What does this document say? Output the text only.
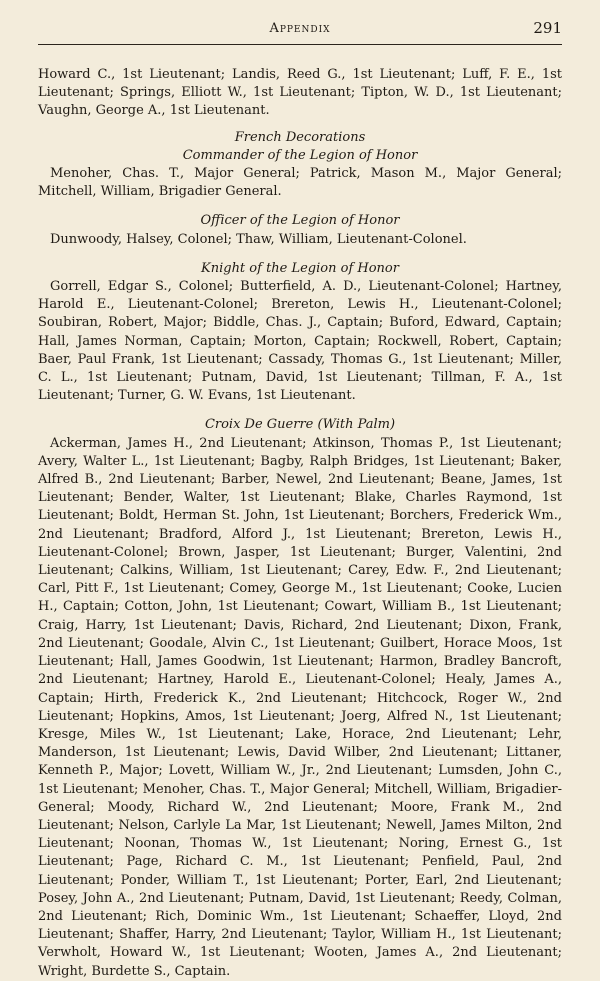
Appendix	291

Howard C., 1st Lieutenant; Landis, Reed G., 1st Lieutenant; Luff, F. E., 1st Lieutenant; Springs, Elliott W., 1st Lieutenant; Tipton, W. D., 1st Lieutenant; Vaughn, George A., 1st Lieutenant.

French Decorations

Commander of the Legion of Honor

Menoher, Chas. T., Major General; Patrick, Mason M., Major General; Mitchell, William, Brigadier General.

Officer of the Legion of Honor

Dunwoody, Halsey, Colonel; Thaw, William, Lieutenant-Colonel.

Knight of the Legion of Honor

Gorrell, Edgar S., Colonel; Butterfield, A. D., Lieutenant-Colonel; Hartney, Harold E., Lieutenant-Colonel; Brereton, Lewis H., Lieutenant-Colonel; Soubiran, Robert, Major; Biddle, Chas. J., Captain; Buford, Edward, Captain; Hall, James Norman, Captain; Morton, Captain; Rockwell, Robert, Captain; Baer, Paul Frank, 1st Lieutenant; Cassady, Thomas G., 1st Lieutenant; Miller, C. L., 1st Lieutenant; Putnam, David, 1st Lieutenant; Tillman, F. A., 1st Lieutenant; Turner, G. W. Evans, 1st Lieutenant.

Croix De Guerre (With Palm)

Ackerman, James H., 2nd Lieutenant; Atkinson, Thomas P., 1st Lieutenant; Avery, Walter L., 1st Lieutenant; Bagby, Ralph Bridges, 1st Lieutenant; Baker, Alfred B., 2nd Lieutenant; Barber, Newel, 2nd Lieutenant; Beane, James, 1st Lieutenant; Bender, Walter, 1st Lieutenant; Blake, Charles Raymond, 1st Lieutenant; Boldt, Herman St. John, 1st Lieutenant; Borchers, Frederick Wm., 2nd Lieutenant; Bradford, Alford J., 1st Lieutenant; Brereton, Lewis H., Lieutenant-Colonel; Brown, Jasper, 1st Lieutenant; Burger, Valentini, 2nd Lieutenant; Calkins, William, 1st Lieutenant; Carey, Edw. F., 2nd Lieutenant; Carl, Pitt F., 1st Lieutenant; Comey, George M., 1st Lieutenant; Cooke, Lucien H., Captain; Cotton, John, 1st Lieutenant; Cowart, William B., 1st Lieutenant; Craig, Harry, 1st Lieutenant; Davis, Richard, 2nd Lieutenant; Dixon, Frank, 2nd Lieutenant; Goodale, Alvin C., 1st Lieutenant; Guilbert, Horace Moos, 1st Lieutenant; Hall, James Goodwin, 1st Lieutenant; Harmon, Bradley Bancroft, 2nd Lieutenant; Hartney, Harold E., Lieutenant-Colonel; Healy, James A., Captain; Hirth, Frederick K., 2nd Lieutenant; Hitchcock, Roger W., 2nd Lieutenant; Hopkins, Amos, 1st Lieutenant; Joerg, Alfred N., 1st Lieutenant; Kresge, Miles W., 1st Lieutenant; Lake, Horace, 2nd Lieutenant; Lehr, Manderson, 1st Lieutenant; Lewis, David Wilber, 2nd Lieutenant; Littaner, Kenneth P., Major; Lovett, William W., Jr., 2nd Lieutenant; Lumsden, John C., 1st Lieutenant; Menoher, Chas. T., Major General; Mitchell, William, Brigadier-General; Moody, Richard W., 2nd Lieutenant; Moore, Frank M., 2nd Lieutenant; Nelson, Carlyle La Mar, 1st Lieutenant; Newell, James Milton, 2nd Lieutenant; Noonan, Thomas W., 1st Lieutenant; Noring, Ernest G., 1st Lieutenant; Page, Richard C. M., 1st Lieutenant; Penfield, Paul, 2nd Lieutenant; Ponder, William T., 1st Lieutenant; Porter, Earl, 2nd Lieutenant; Posey, John A., 2nd Lieutenant; Putnam, David, 1st Lieutenant; Reedy, Colman, 2nd Lieutenant; Rich, Dominic Wm., 1st Lieutenant; Schaeffer, Lloyd, 2nd Lieutenant; Shaffer, Harry, 2nd Lieutenant; Taylor, William H., 1st Lieutenant; Verwholt, Howard W., 1st Lieutenant; Wooten, James A., 2nd Lieutenant; Wright, Burdette S., Captain.
